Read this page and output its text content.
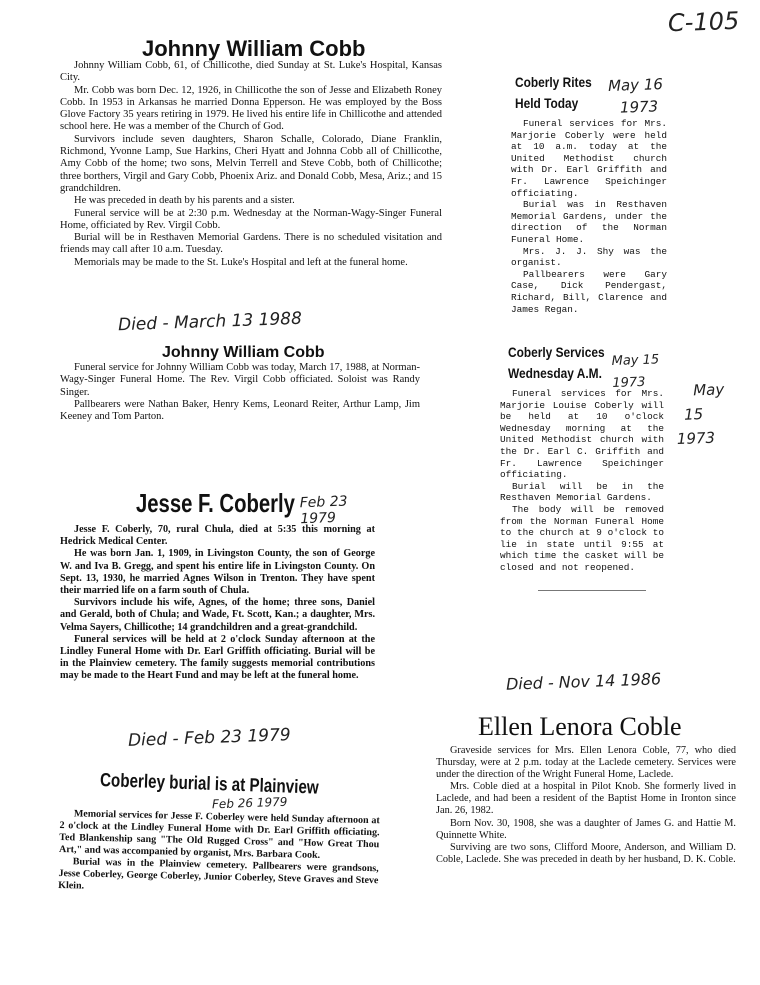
C-105
Johnny William Cobb

Johnny William Cobb, 61, of Chillicothe, died Sunday at St. Luke's Hospital, Kansas City.

Mr. Cobb was born Dec. 12, 1926, in Chillicothe the son of Jesse and Elizabeth Roney Cobb. In 1953 in Arkansas he married Donna Epperson. He was employed by the Boss Glove Factory 35 years retiring in 1979. He lived his entire life in Chillicothe and attended school here. He was a member of the Church of God.

Survivors include seven daughters, Sharon Schalle, Colorado, Diane Franklin, Richmond, Yvonne Lamp, Sue Harkins, Cheri Hyatt and Johnna Cobb all of Chillicothe, Amy Cobb of the home; two sons, Melvin Terrell and Steve Cobb, both of Chillicothe; three borthers, Virgil and Gary Cobb, Phoenix Ariz. and Donald Cobb, Mesa, Ariz.; and 15 grandchildren.

He was preceded in death by his parents and a sister.

Funeral service will be at 2:30 p.m. Wednesday at the Norman-Wagy-Singer Funeral Home, officiated by Rev. Virgil Cobb.

Burial will be in Resthaven Memorial Gardens. There is no scheduled visitation and friends may call after 10 a.m. Tuesday.

Memorials may be made to the St. Luke's Hospital and left at the funeral home.

Died - March 13 1988
Johnny William Cobb

Funeral service for Johnny William Cobb was today, March 17, 1988, at Norman-Wagy-Singer Funeral Home. The Rev. Virgil Cobb officiated. Soloist was Randy Singer.

Pallbearers were Nathan Baker, Henry Kems, Leonard Reiter, Arthur Lamp, Jim Keeney and Tom Parton.

Jesse F. Coberly Feb 23 1979

Jesse F. Coberly, 70, rural Chula, died at 5:35 this morning at Hedrick Medical Center.

He was born Jan. 1, 1909, in Livingston County, the son of George W. and Iva B. Gregg, and spent his entire life in Livingston County. On Sept. 13, 1930, he married Agnes Wilson in Trenton. They have spent their married life on a farm south of Chula.

Survivors include his wife, Agnes, of the home; three sons, Daniel and Gerald, both of Chula; and Wade, Ft. Scott, Kan.; a daughter, Mrs. Velma Sayers, Chillicothe; 14 grandchildren and a great-grandchild.

Funeral services will be held at 2 o'clock Sunday afternoon at the Lindley Funeral Home with Dr. Earl Griffith officiating. Burial will be in the Plainview cemetery. The family suggests memorial contributions may be made to the Heart Fund and may be left at the funeral home.

Died - Feb 23 1979
Coberley burial is at Plainview
Feb 26 1979

Memorial services for Jesse F. Coberley were held Sunday afternoon at 2 o'clock at the Lindley Funeral Home with Dr. Earl Griffith officiating. Ted Blankenship sang "The Old Rugged Cross" and "How Great Thou Art," and was accompanied by organist, Mrs. Barbara Cook.

Burial was in the Plainview cemetery. Pallbearers were grandsons, Jesse Coberley, George Coberley, Junior Coberley, Steve Graves and Steve Klein.

Coberly Rites
Held Today
May 16
1973

Funeral services for Mrs. Marjorie Coberly were held at 10 a.m. today at the United Methodist church with Dr. Earl Griffith and Fr. Lawrence Speichinger officiating.

Burial was in Resthaven Memorial Gardens, under the direction of the Norman Funeral Home.

Mrs. J. J. Shy was the organist.

Pallbearers were Gary Case, Dick Pendergast, Richard, Bill, Clarence and James Regan.

Coberly Services
Wednesday A.M.
May 15 1973	May
15
1973

Funeral services for Mrs. Marjorie Louise Coberly will be held at 10 o'clock Wednesday morning at the United Methodist church with the Dr. Earl C. Griffith and Fr. Lawrence Speichinger officiating.

Burial will be in the Resthaven Memorial Gardens.

The body will be removed from the Norman Funeral Home to the church at 9 o'clock to lie in state until 9:55 at which time the casket will be closed and not reopened.

Died - Nov 14 1986
Ellen Lenora Coble

Graveside services for Mrs. Ellen Lenora Coble, 77, who died Thursday, were at 2 p.m. today at the Laclede cemetery. Services were under the direction of the Wright Funeral Home, Laclede.

Mrs. Coble died at a hospital in Pilot Knob. She formerly lived in Laclede, and had been a resident of the Baptist Home in Ironton since Jan. 26, 1982.

Born Nov. 30, 1908, she was a daughter of James G. and Hattie M. Quinnette White.

Surviving are two sons, Clifford Moore, Anderson, and William D. Coble, Laclede. She was preceded in death by her husband, D. K. Coble.
